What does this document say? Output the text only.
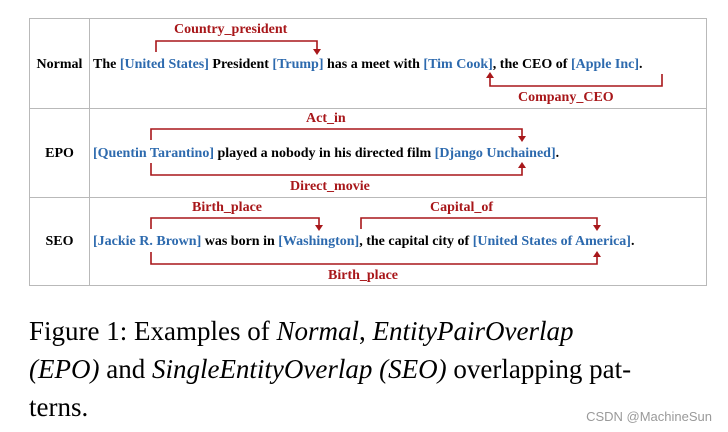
Normal
EPO
SEO
The [United States] President [Trump] has a meet with [Tim Cook], the CEO of [Apple Inc].
[Quentin Tarantino] played a nobody in his directed film [Django Unchained].
[Jackie R. Brown] was born in [Washington], the capital city of [United States of America].
Country_president
Company_CEO
Act_in
Direct_movie
Birth_place	Capital_of
Birth_place
Figure 1: Examples of Normal, EntityPairOverlap
(EPO) and SingleEntityOverlap (SEO) overlapping pat-
terns.	CSDN @MachineSun
